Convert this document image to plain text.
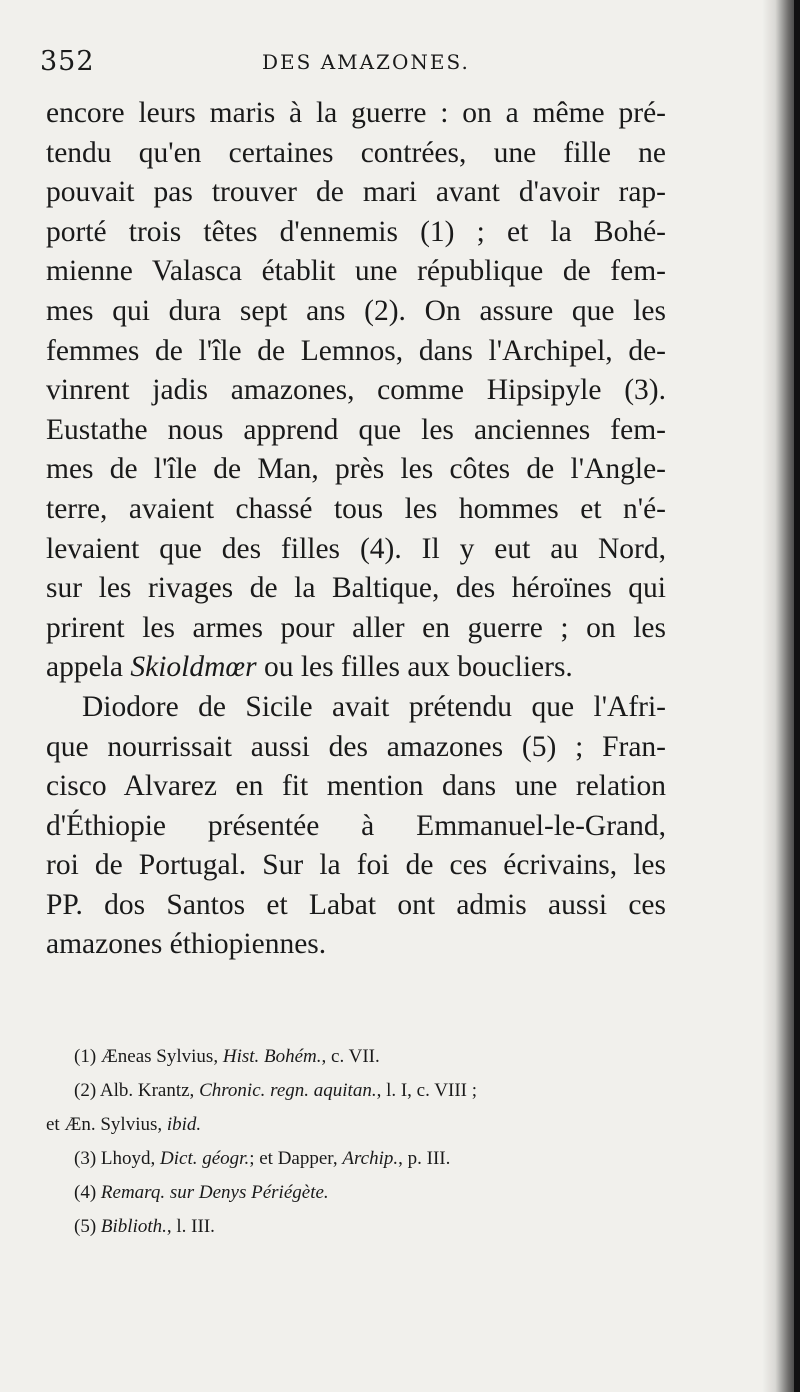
352	DES AMAZONES.
encore leurs maris à la guerre : on a même pré-
tendu qu'en certaines contrées, une fille ne
pouvait pas trouver de mari avant d'avoir rap-
porté trois têtes d'ennemis (1) ; et la Bohé-
mienne Valasca établit une république de fem-
mes qui dura sept ans (2). On assure que les
femmes de l'île de Lemnos, dans l'Archipel, de-
vinrent jadis amazones, comme Hipsipyle (3).
Eustathe nous apprend que les anciennes fem-
mes de l'île de Man, près les côtes de l'Angle-
terre, avaient chassé tous les hommes et n'é-
levaient que des filles (4). Il y eut au Nord,
sur les rivages de la Baltique, des héroïnes qui
prirent les armes pour aller en guerre ; on les
appela Skioldmœr ou les filles aux boucliers.
Diodore de Sicile avait prétendu que l'Afri-
que nourrissait aussi des amazones (5) ; Fran-
cisco Alvarez en fit mention dans une relation
d'Éthiopie présentée à Emmanuel-le-Grand,
roi de Portugal. Sur la foi de ces écrivains, les
PP. dos Santos et Labat ont admis aussi ces
amazones éthiopiennes.
(1) Æneas Sylvius, Hist. Bohém., c. VII.
(2) Alb. Krantz, Chronic. regn. aquitan., l. I, c. VIII ;
et Æn. Sylvius, ibid.
(3) Lhoyd, Dict. géogr.; et Dapper, Archip., p. III.
(4) Remarq. sur Denys Périégète.
(5) Biblioth., l. III.
